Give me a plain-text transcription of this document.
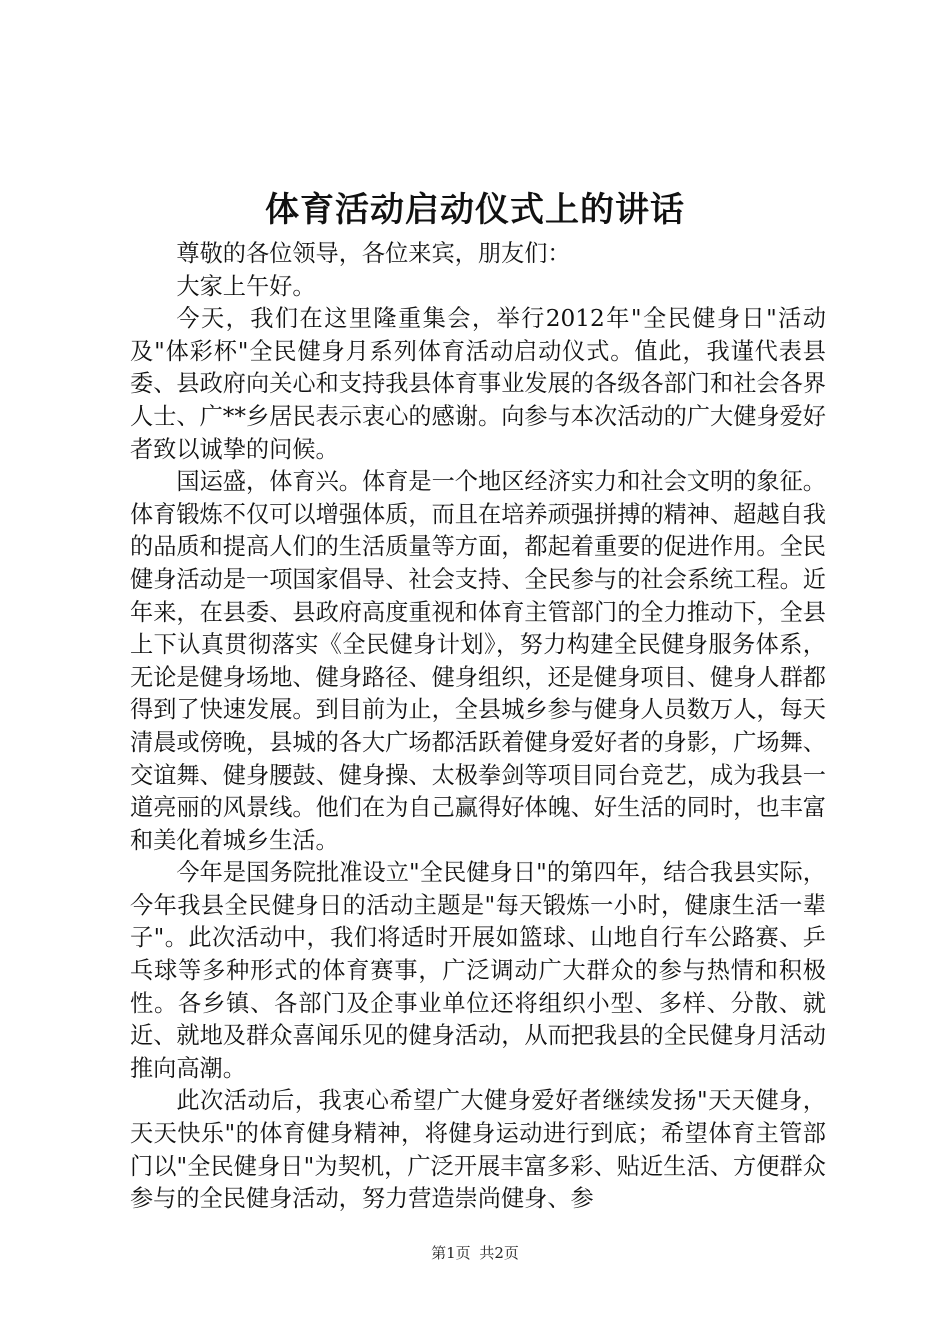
体育活动启动仪式上的讲话

尊敬的各位领导，各位来宾，朋友们：

大家上午好。

今天，我们在这里隆重集会，举行2012年"全民健身日"活动及"体彩杯"全民健身月系列体育活动启动仪式。值此，我谨代表县委、县政府向关心和支持我县体育事业发展的各级各部门和社会各界人士、广**乡居民表示衷心的感谢。向参与本次活动的广大健身爱好者致以诚挚的问候。

国运盛，体育兴。体育是一个地区经济实力和社会文明的象征。体育锻炼不仅可以增强体质，而且在培养顽强拼搏的精神、超越自我的品质和提高人们的生活质量等方面，都起着重要的促进作用。全民健身活动是一项国家倡导、社会支持、全民参与的社会系统工程。近年来，在县委、县政府高度重视和体育主管部门的全力推动下，全县上下认真贯彻落实《全民健身计划》，努力构建全民健身服务体系，无论是健身场地、健身路径、健身组织，还是健身项目、健身人群都得到了快速发展。到目前为止，全县城乡参与健身人员数万人，每天清晨或傍晚，县城的各大广场都活跃着健身爱好者的身影，广场舞、交谊舞、健身腰鼓、健身操、太极拳剑等项目同台竞艺，成为我县一道亮丽的风景线。他们在为自己赢得好体魄、好生活的同时，也丰富和美化着城乡生活。

今年是国务院批准设立"全民健身日"的第四年，结合我县实际，今年我县全民健身日的活动主题是"每天锻炼一小时，健康生活一辈子"。此次活动中，我们将适时开展如篮球、山地自行车公路赛、乒乓球等多种形式的体育赛事，广泛调动广大群众的参与热情和积极性。各乡镇、各部门及企事业单位还将组织小型、多样、分散、就近、就地及群众喜闻乐见的健身活动，从而把我县的全民健身月活动推向高潮。

此次活动后，我衷心希望广大健身爱好者继续发扬"天天健身，天天快乐"的体育健身精神，将健身运动进行到底；希望体育主管部门以"全民健身日"为契机，广泛开展丰富多彩、贴近生活、方便群众参与的全民健身活动，努力营造崇尚健身、参

第1页 共2页
